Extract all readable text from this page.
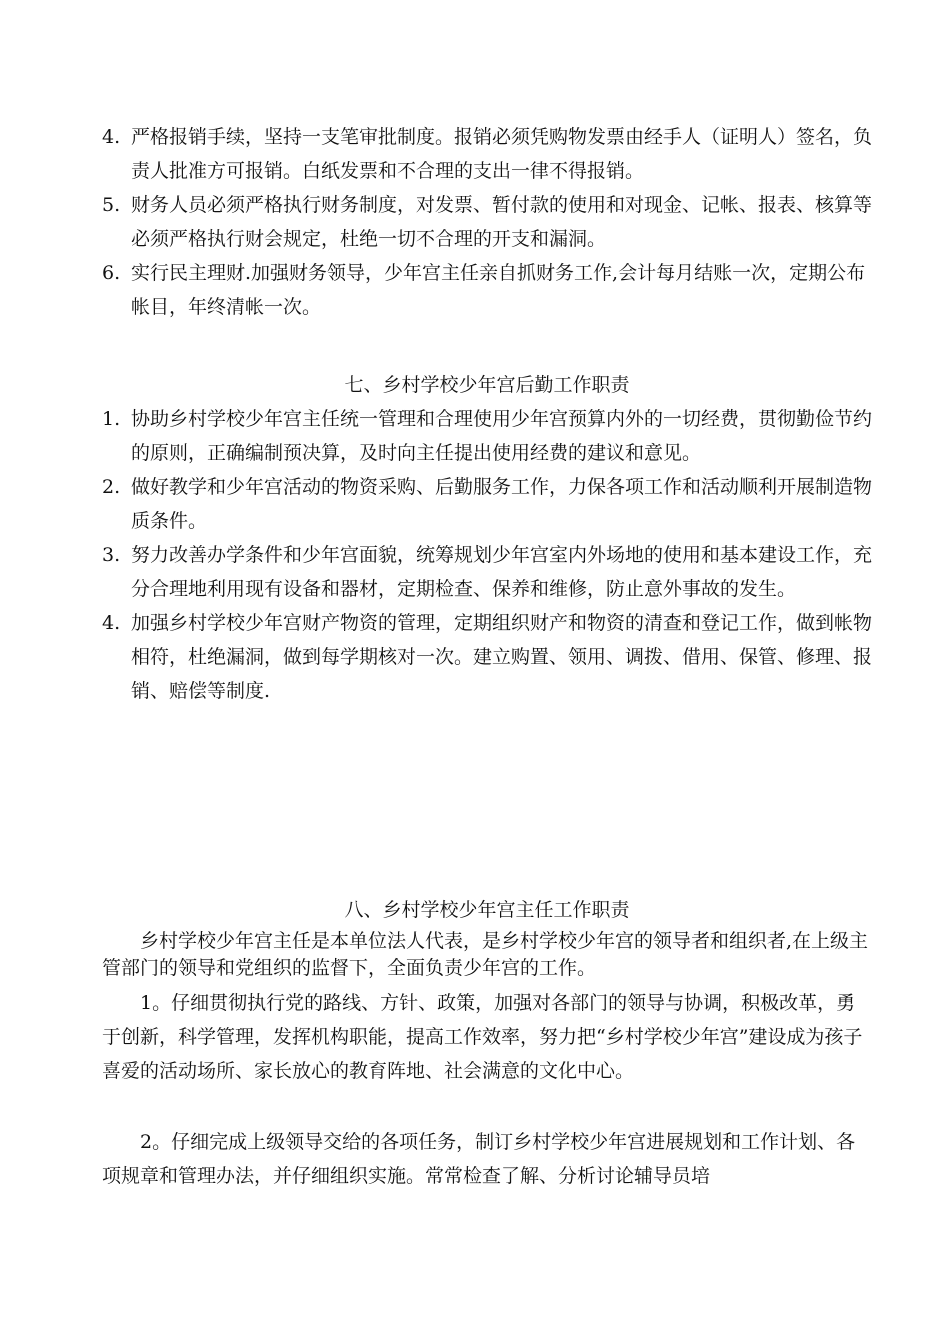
4. 严格报销手续，坚持一支笔审批制度。报销必须凭购物发票由经手人（证明人）签名，负责人批准方可报销。白纸发票和不合理的支出一律不得报销。

5. 财务人员必须严格执行财务制度，对发票、暂付款的使用和对现金、记帐、报表、核算等必须严格执行财会规定，杜绝一切不合理的开支和漏洞。

6. 实行民主理财.加强财务领导，少年宫主任亲自抓财务工作,会计每月结账一次，定期公布帐目，年终清帐一次。

七、乡村学校少年宫后勤工作职责

1. 协助乡村学校少年宫主任统一管理和合理使用少年宫预算内外的一切经费，贯彻勤俭节约的原则，正确编制预决算，及时向主任提出使用经费的建议和意见。

2. 做好教学和少年宫活动的物资采购、后勤服务工作，力保各项工作和活动顺利开展制造物质条件。

3. 努力改善办学条件和少年宫面貌，统筹规划少年宫室内外场地的使用和基本建设工作，充分合理地利用现有设备和器材，定期检查、保养和维修，防止意外事故的发生。

4. 加强乡村学校少年宫财产物资的管理，定期组织财产和物资的清查和登记工作，做到帐物相符，杜绝漏洞，做到每学期核对一次。建立购置、领用、调拨、借用、保管、修理、报销、赔偿等制度.

八、乡村学校少年宫主任工作职责

乡村学校少年宫主任是本单位法人代表，是乡村学校少年宫的领导者和组织者,在上级主管部门的领导和党组织的监督下，全面负责少年宫的工作。

1。仔细贯彻执行党的路线、方针、政策，加强对各部门的领导与协调，积极改革，勇于创新，科学管理，发挥机构职能，提高工作效率，努力把“乡村学校少年宫”建设成为孩子喜爱的活动场所、家长放心的教育阵地、社会满意的文化中心。

2。仔细完成上级领导交给的各项任务，制订乡村学校少年宫进展规划和工作计划、各项规章和管理办法，并仔细组织实施。常常检查了解、分析讨论辅导员培
